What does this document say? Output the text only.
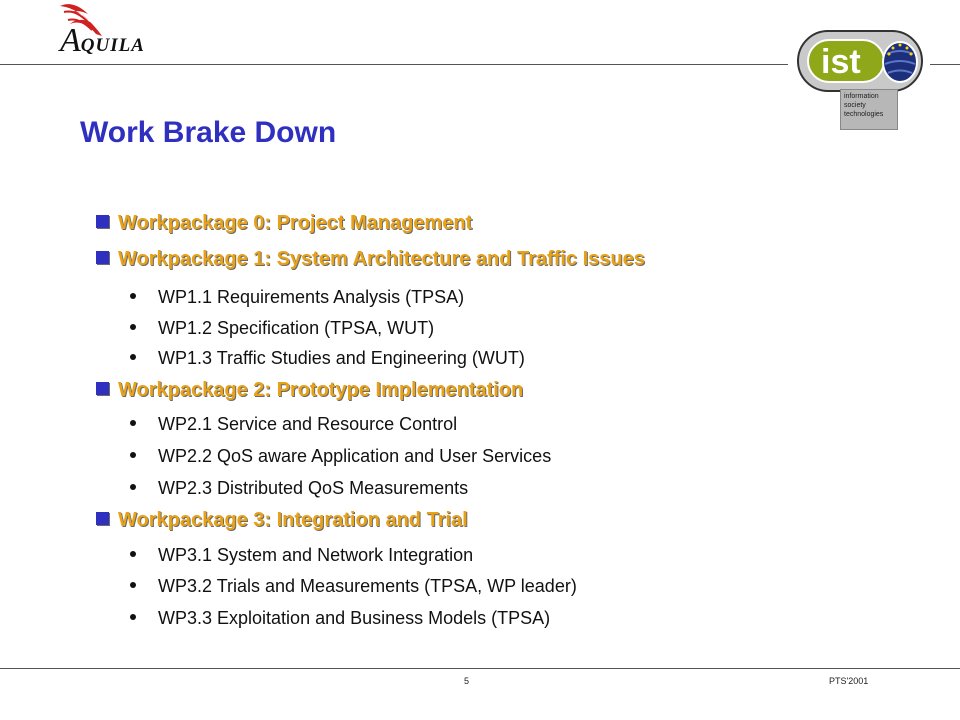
AQUILA	ist
information
society
technologies
Work Brake Down
Workpackage 0: Project Management
Workpackage 1: System Architecture and Traffic Issues
WP1.1 Requirements Analysis (TPSA)
WP1.2 Specification (TPSA, WUT)
WP1.3 Traffic Studies and Engineering (WUT)
Workpackage 2: Prototype Implementation
WP2.1 Service and Resource Control
WP2.2 QoS aware Application and User Services
WP2.3 Distributed QoS Measurements
Workpackage 3: Integration and Trial
WP3.1 System and Network Integration
WP3.2 Trials and Measurements (TPSA, WP leader)
WP3.3 Exploitation and Business Models (TPSA)
5	PTS'2001
